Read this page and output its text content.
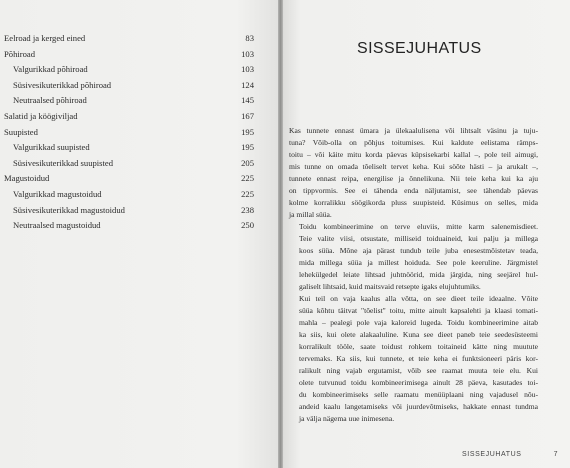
Eelroad ja kerged eined	83
Põhiroad	103
Valgurikkad põhiroad	103
Süsivesikuterikkad põhiroad	124
Neutraalsed põhiroad	145
Salatid ja köögiviljad	167
Suupisted	195
Valgurikkad suupisted	195
Süsivesikuterikkad suupisted	205
Magustoidud	225
Valgurikkad magustoidud	225
Süsivesikuterikkad magustoidud	238
Neutraalsed magustoidud	250
SISSEJUHATUS

Kas tunnete ennast ümara ja ülekaalulisena või lihtsalt väsinu ja tuju-
tuna? Võib-olla on põhjus toitumises. Kui kaldute eelistama rämps-
toitu – või käite mitu korda päevas küpsisekarbi kallal –, pole teil aimugi,
mis tunne on omada tõeliselt tervet keha. Kui söõte hästi – ja arukalt –,
tunnete ennast reipa, energilise ja õnnelikuna. Nii teie keha kui ka aju
on tippvormis. See ei tähenda enda näljutamist, see tähendab päevas
kolme korralikku söögikorda pluss suupisteid. Küsimus on selles, mida
ja millal süüa.

Toidu kombineerimine on terve eluviis, mitte karm salenemisdieet.
Teie valite viisi, otsustate, milliseid toiduaineid, kui palju ja millega
koos süüa. Mõne aja pärast tundub teile juba enesestmõistetav teada,
mida millega süüa ja millest hoiduda. See pole keeruline. Järgmistel
lehekülgedel leiate lihtsad juhtnöörid, mida järgida, ning seejärel hul-
galiselt lihtsaid, kuid maitsvaid retsepte igaks elujuhtumiks.

Kui teil on vaja kaalus alla võtta, on see dieet teile ideaalne. Võite
süüa kõhtu täitvat "tõelist" toitu, mitte ainult kapsalehti ja klaasi tomati-
mahla – pealegi pole vaja kaloreid lugeda. Toidu kombineerimine aitab
ka siis, kui olete alakaaluline. Kuna see dieet paneb teie seedesüsteemi
korralikult tööle, saate toidust rohkem toitaineid kätte ning muutute
tervemaks. Ka siis, kui tunnete, et teie keha ei funktsioneeri päris kor-
ralikult ning vajab ergutamist, võib see raamat muuta teie elu. Kui
olete tutvunud toidu kombineerimisega ainult 28 päeva, kasutades toi-
du kombineerimiseks selle raamatu menüüplaani ning vajadusel nõu-
andeid kaalu langetamiseks või juurdevõtmiseks, hakkate ennast tundma
ja välja nägema uue inimesena.

SISSEJUHATUS	7
